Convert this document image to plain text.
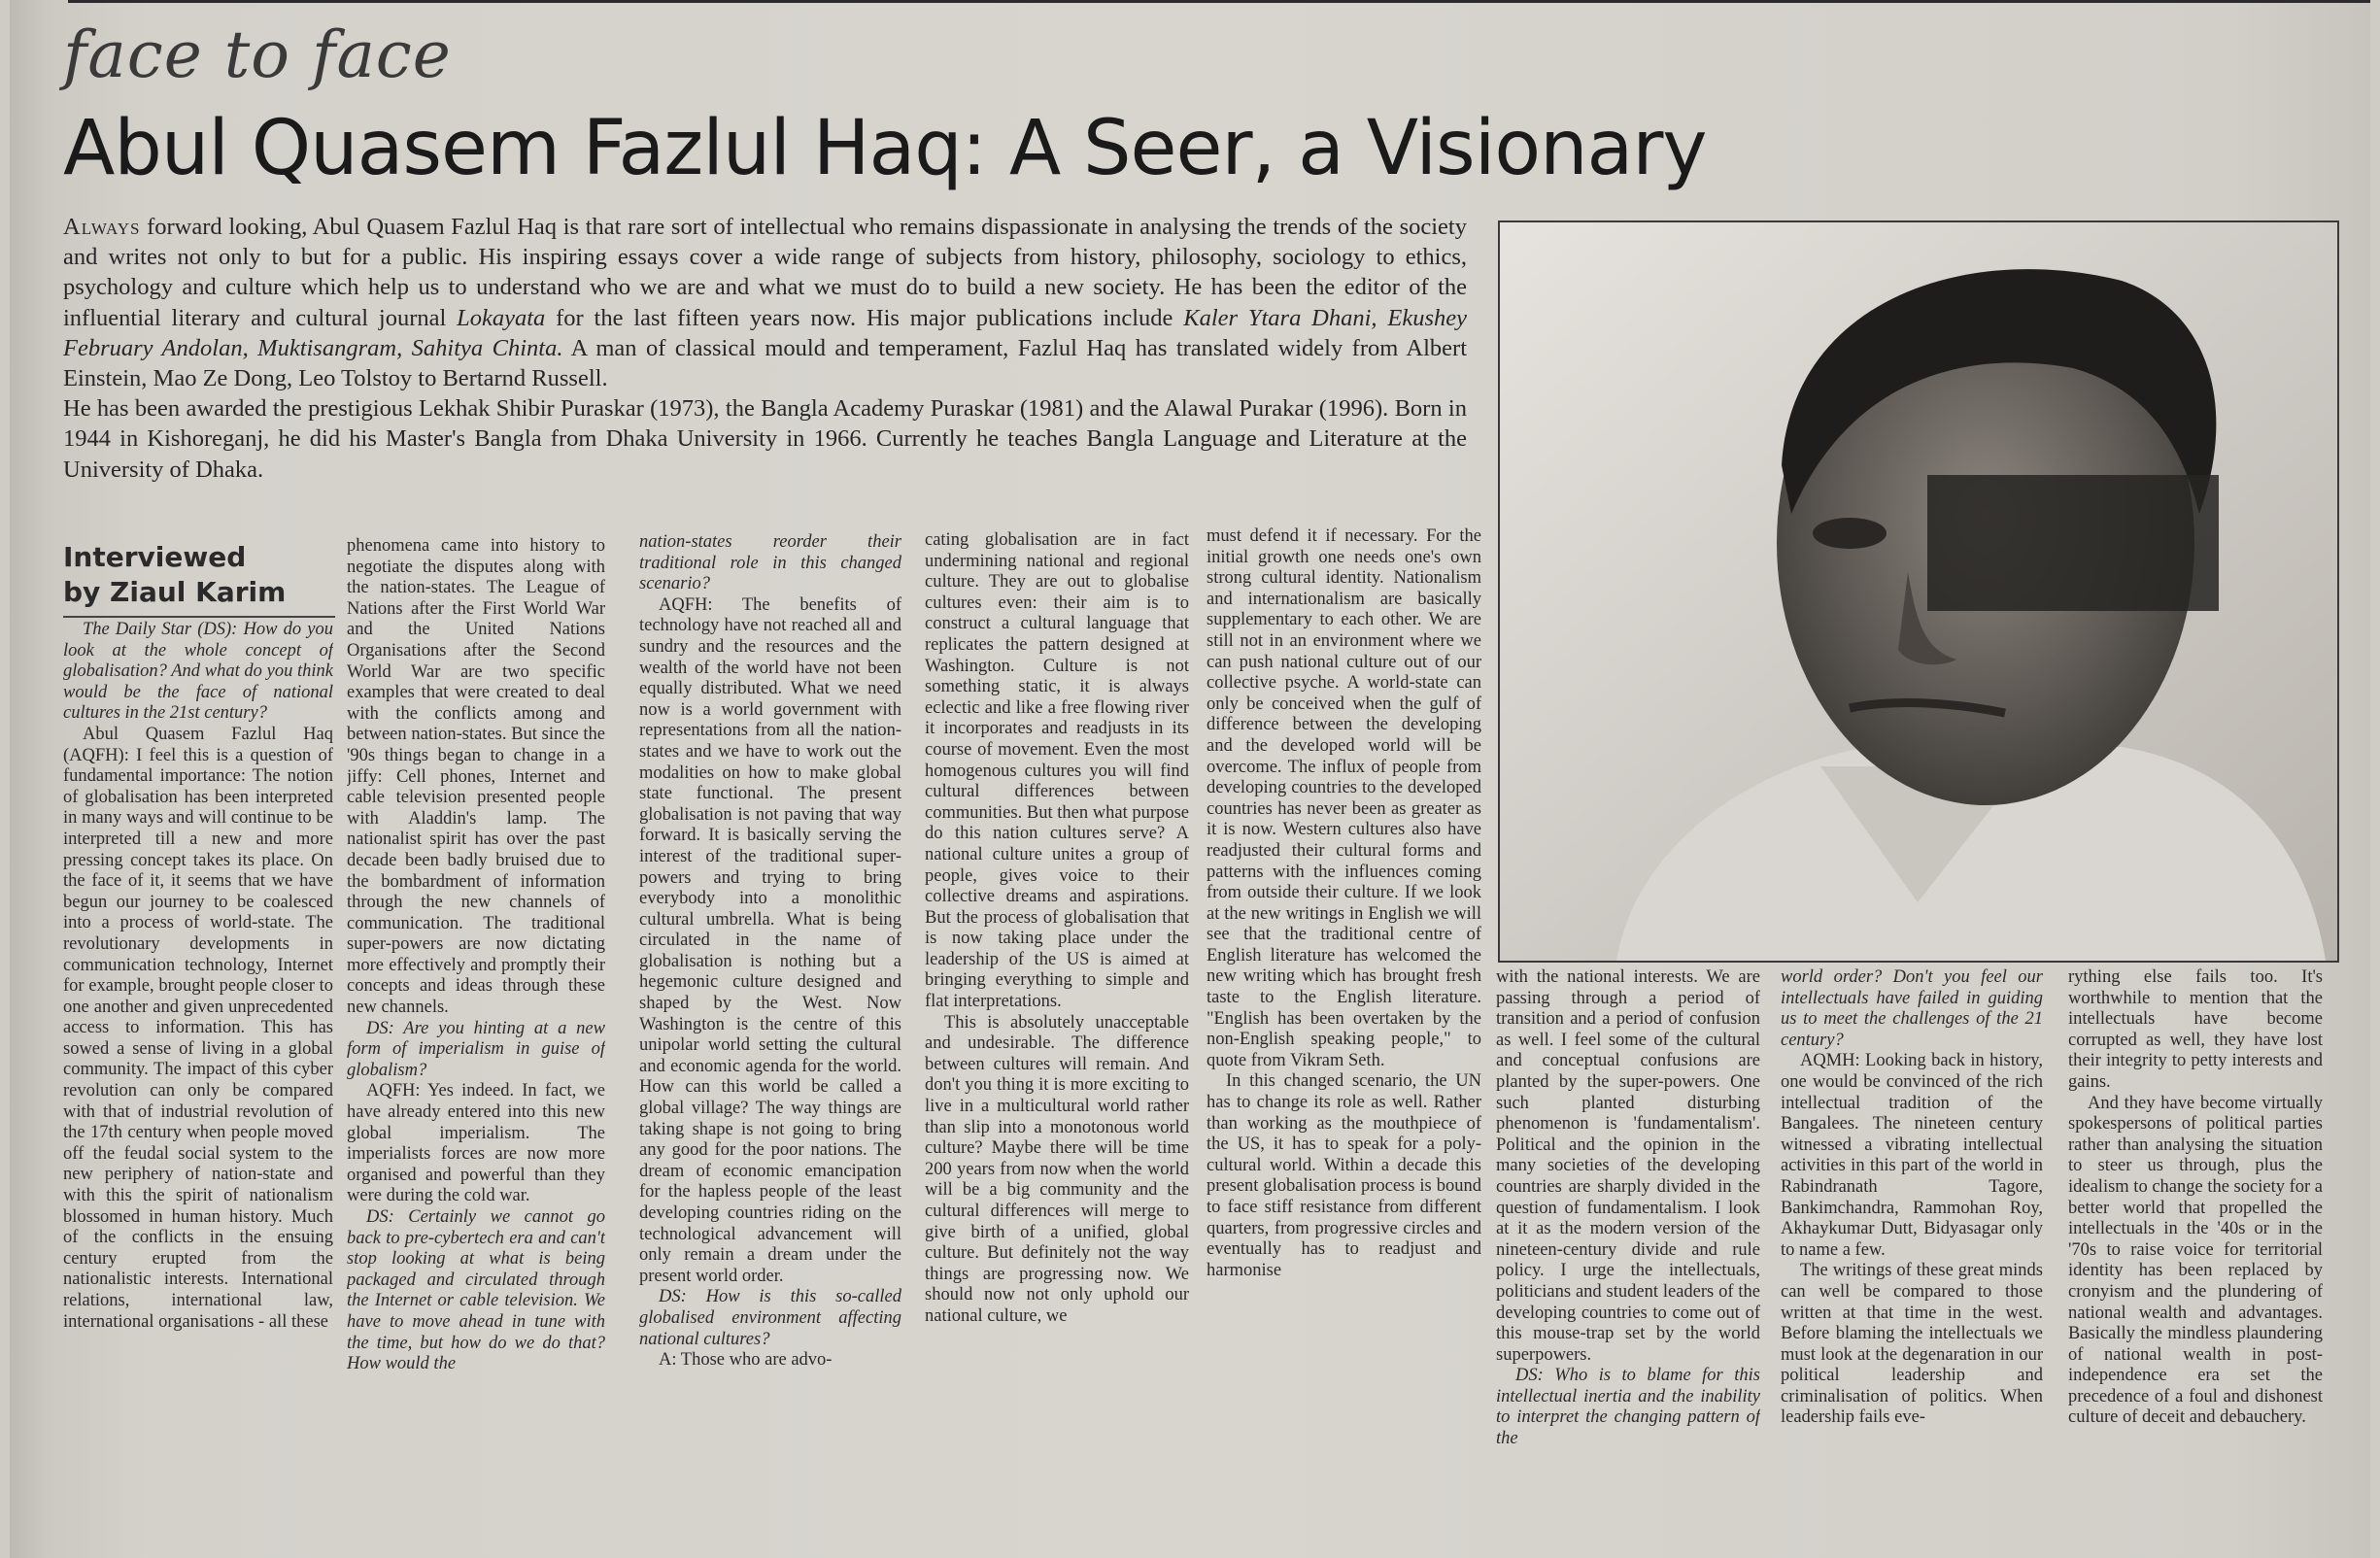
face to face
Abul Quasem Fazlul Haq: A Seer, a Visionary

Always forward looking, Abul Quasem Fazlul Haq is that rare sort of intellectual who remains dispassionate in analysing the trends of the society and writes not only to but for a public. His inspiring essays cover a wide range of subjects from history, philosophy, sociology to ethics, psychology and culture which help us to understand who we are and what we must do to build a new society. He has been the editor of the influential literary and cultural journal Lokayata for the last fifteen years now. His major publications include Kaler Ytara Dhani, Ekushey February Andolan, Muktisangram, Sahitya Chinta. A man of classical mould and temperament, Fazlul Haq has translated widely from Albert Einstein, Mao Ze Dong, Leo Tolstoy to Bertarnd Russell.

He has been awarded the prestigious Lekhak Shibir Puraskar (1973), the Bangla Academy Puraskar (1981) and the Alawal Purakar (1996). Born in 1944 in Kishoreganj, he did his Master's Bangla from Dhaka University in 1966. Currently he teaches Bangla Language and Literature at the University of Dhaka.

Interviewed
by Ziaul Karim

The Daily Star (DS): How do you look at the whole concept of globalisation? And what do you think would be the face of national cultures in the 21st century?

Abul Quasem Fazlul Haq (AQFH): I feel this is a question of fundamental importance: The notion of globalisation has been interpreted in many ways and will continue to be interpreted till a new and more pressing concept takes its place. On the face of it, it seems that we have begun our journey to be coalesced into a process of world-state. The revolutionary developments in communication technology, Internet for example, brought people closer to one another and given unprecedented access to information. This has sowed a sense of living in a global community. The impact of this cyber revolution can only be compared with that of industrial revolution of the 17th century when people moved off the feudal social system to the new periphery of nation-state and with this the spirit of nationalism blossomed in human history. Much of the conflicts in the ensuing century erupted from the nationalistic interests. International relations, international law, international organisations - all these

phenomena came into history to negotiate the disputes along with the nation-states. The League of Nations after the First World War and the United Nations Organisations after the Second World War are two specific examples that were created to deal with the conflicts among and between nation-states. But since the '90s things began to change in a jiffy: Cell phones, Internet and cable television presented people with Aladdin's lamp. The nationalist spirit has over the past decade been badly bruised due to the bombardment of information through the new channels of communication. The traditional super-powers are now dictating more effectively and promptly their concepts and ideas through these new channels.

DS: Are you hinting at a new form of imperialism in guise of globalism?

AQFH: Yes indeed. In fact, we have already entered into this new global imperialism. The imperialists forces are now more organised and powerful than they were during the cold war.

DS: Certainly we cannot go back to pre-cybertech era and can't stop looking at what is being packaged and circulated through the Internet or cable television. We have to move ahead in tune with the time, but how do we do that? How would the

nation-states reorder their traditional role in this changed scenario?

AQFH: The benefits of technology have not reached all and sundry and the resources and the wealth of the world have not been equally distributed. What we need now is a world government with representations from all the nation-states and we have to work out the modalities on how to make global state functional. The present globalisation is not paving that way forward. It is basically serving the interest of the traditional super-powers and trying to bring everybody into a monolithic cultural umbrella. What is being circulated in the name of globalisation is nothing but a hegemonic culture designed and shaped by the West. Now Washington is the centre of this unipolar world setting the cultural and economic agenda for the world. How can this world be called a global village? The way things are taking shape is not going to bring any good for the poor nations. The dream of economic emancipation for the hapless people of the least developing countries riding on the technological advancement will only remain a dream under the present world order.

DS: How is this so-called globalised environment affecting national cultures?

A: Those who are advo-

cating globalisation are in fact undermining national and regional culture. They are out to globalise cultures even: their aim is to construct a cultural language that replicates the pattern designed at Washington. Culture is not something static, it is always eclectic and like a free flowing river it incorporates and readjusts in its course of movement. Even the most homogenous cultures you will find cultural differences between communities. But then what purpose do this nation cultures serve? A national culture unites a group of people, gives voice to their collective dreams and aspirations. But the process of globalisation that is now taking place under the leadership of the US is aimed at bringing everything to simple and flat interpretations.

This is absolutely unacceptable and undesirable. The difference between cultures will remain. And don't you thing it is more exciting to live in a multicultural world rather than slip into a monotonous world culture? Maybe there will be time 200 years from now when the world will be a big community and the cultural differences will merge to give birth of a unified, global culture. But definitely not the way things are progressing now. We should now not only uphold our national culture, we

must defend it if necessary. For the initial growth one needs one's own strong cultural identity. Nationalism and internationalism are basically supplementary to each other. We are still not in an environment where we can push national culture out of our collective psyche. A world-state can only be conceived when the gulf of difference between the developing and the developed world will be overcome. The influx of people from developing countries to the developed countries has never been as greater as it is now. Western cultures also have readjusted their cultural forms and patterns with the influences coming from outside their culture. If we look at the new writings in English we will see that the traditional centre of English literature has welcomed the new writing which has brought fresh taste to the English literature. "English has been overtaken by the non-English speaking people," to quote from Vikram Seth.

In this changed scenario, the UN has to change its role as well. Rather than working as the mouthpiece of the US, it has to speak for a poly-cultural world. Within a decade this present globalisation process is bound to face stiff resistance from different quarters, from progressive circles and eventually has to readjust and harmonise

with the national interests. We are passing through a period of transition and a period of confusion as well. I feel some of the cultural and conceptual confusions are planted by the super-powers. One such planted disturbing phenomenon is 'fundamentalism'. Political and the opinion in the many societies of the developing countries are sharply divided in the question of fundamentalism. I look at it as the modern version of the nineteen-century divide and rule policy. I urge the intellectuals, politicians and student leaders of the developing countries to come out of this mouse-trap set by the world superpowers.

DS: Who is to blame for this intellectual inertia and the inability to interpret the changing pattern of the

world order? Don't you feel our intellectuals have failed in guiding us to meet the challenges of the 21 century?

AQMH: Looking back in history, one would be convinced of the rich intellectual tradition of the Bangalees. The nineteen century witnessed a vibrating intellectual activities in this part of the world in Rabindranath Tagore, Bankimchandra, Rammohan Roy, Akhaykumar Dutt, Bidyasagar only to name a few.

The writings of these great minds can well be compared to those written at that time in the west. Before blaming the intellectuals we must look at the degenaration in our political leadership and criminalisation of politics. When leadership fails eve-

rything else fails too. It's worthwhile to mention that the intellectuals have become corrupted as well, they have lost their integrity to petty interests and gains.

And they have become virtually spokespersons of political parties rather than analysing the situation to steer us through, plus the idealism to change the society for a better world that propelled the intellectuals in the '40s or in the '70s to raise voice for territorial identity has been replaced by cronyism and the plundering of national wealth and advantages. Basically the mindless plaundering of national wealth in post-independence era set the precedence of a foul and dishonest culture of deceit and debauchery.
